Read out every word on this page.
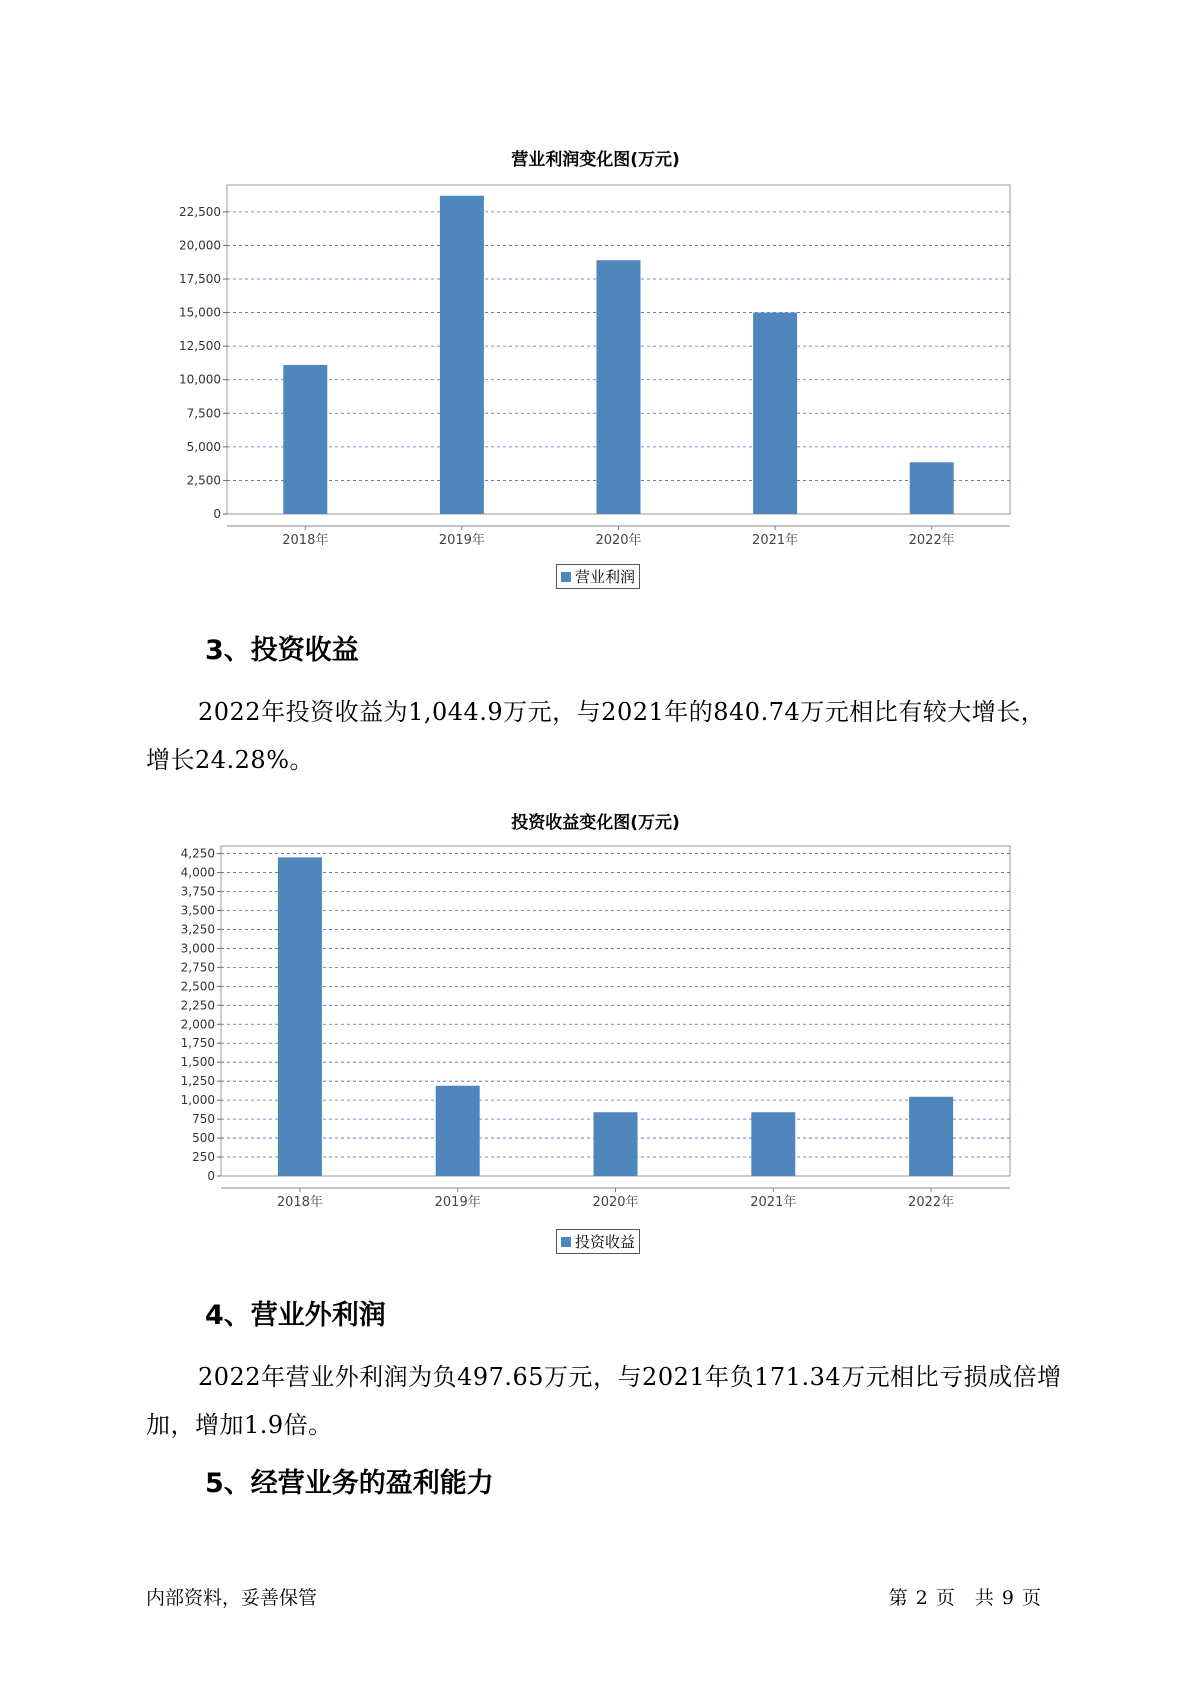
营业利润变化图(万元)
0
2,500
5,000
7,500
10,000
12,500
15,000
17,500
20,000
22,500
2018年	2019年	2020年	2021年	2022年
营业利润
3、投资收益
2022年投资收益为1,044.9万元，与2021年的840.74万元相比有较大增长，增长24.28%。
投资收益变化图(万元)
0
250
500
750
1,000
1,250
1,500
1,750
2,000
2,250
2,500
2,750
3,000
3,250
3,500
3,750
4,000
4,250
2018年	2019年	2020年	2021年	2022年
投资收益
4、营业外利润
2022年营业外利润为负497.65万元，与2021年负171.34万元相比亏损成倍增加，增加1.9倍。
5、经营业务的盈利能力
内部资料，妥善保管	第 2 页 共 9 页
